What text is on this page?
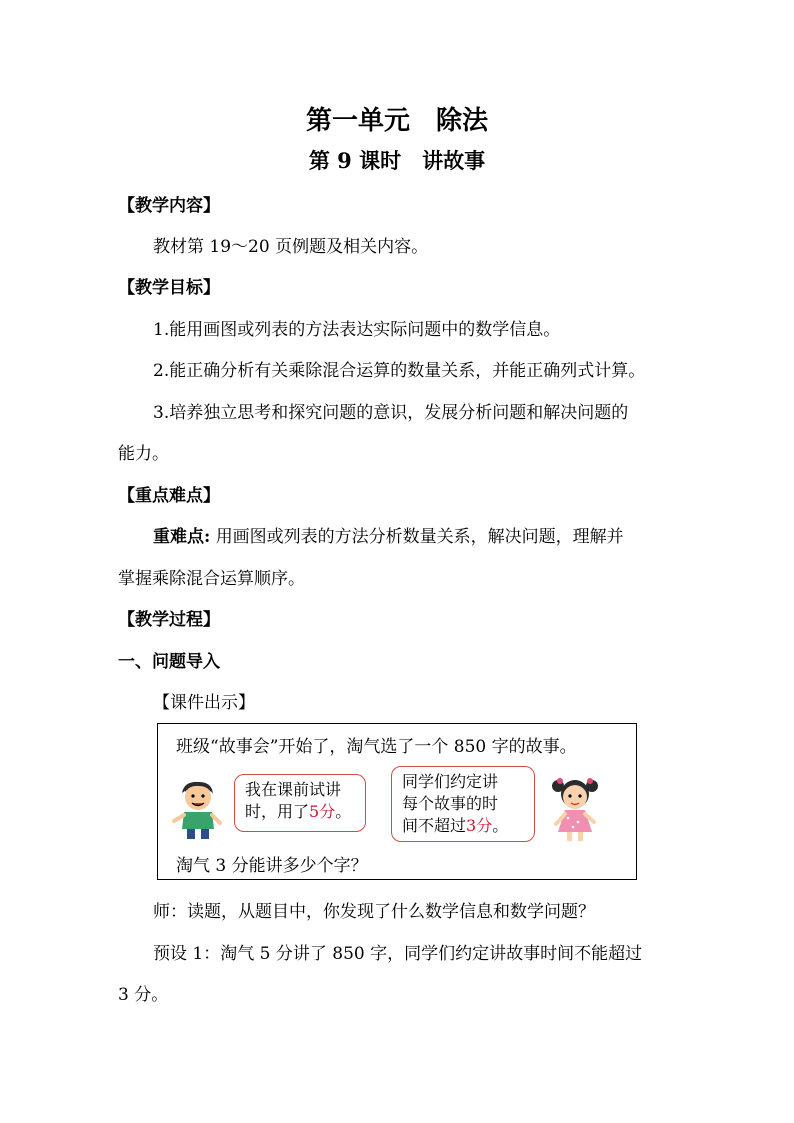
第一单元　除法
第 9 课时　讲故事
【教学内容】
教材第 19～20 页例题及相关内容。
【教学目标】
1.能用画图或列表的方法表达实际问题中的数学信息。
2.能正确分析有关乘除混合运算的数量关系，并能正确列式计算。
3.培养独立思考和探究问题的意识，发展分析问题和解决问题的
能力。
【重点难点】
重难点: 用画图或列表的方法分析数量关系，解决问题，理解并
掌握乘除混合运算顺序。
【教学过程】
一、问题导入
【课件出示】
班级“故事会”开始了，淘气选了一个 850 字的故事。
我在课前试讲
时，用了5分。
同学们约定讲
每个故事的时
间不超过3分。
淘气 3 分能讲多少个字？
师：读题，从题目中，你发现了什么数学信息和数学问题？
预设 1：淘气 5 分讲了 850 字，同学们约定讲故事时间不能超过
3 分。
